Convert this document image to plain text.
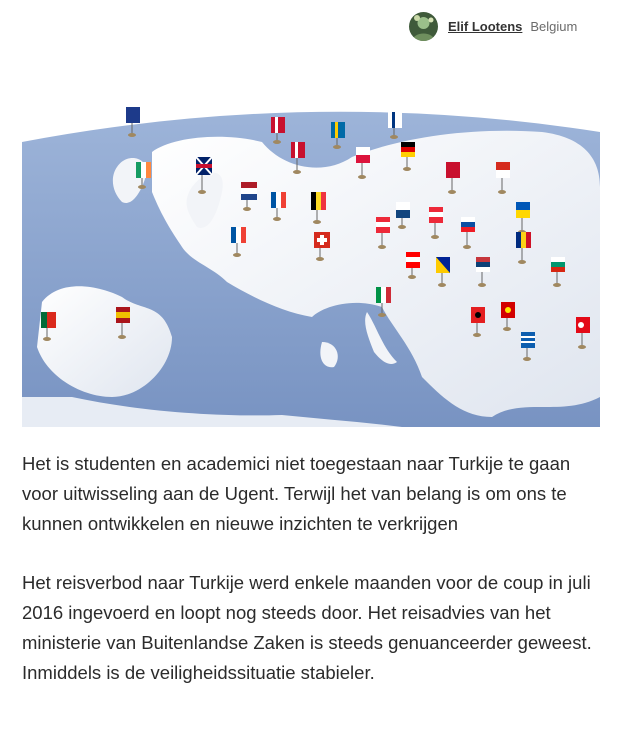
Elif Lootens Belgium

Het is studenten en academici niet toegestaan naar Turkije te gaan voor uitwisseling aan de Ugent. Terwijl het van belang is om ons te kunnen ontwikkelen en nieuwe inzichten te verkrijgen

Het reisverbod naar Turkije werd enkele maanden voor de coup in juli 2016 ingevoerd en loopt nog steeds door. Het reisadvies van het ministerie van Buitenlandse Zaken is steeds genuanceerder geweest. Inmiddels is de veiligheidssituatie stabieler.
